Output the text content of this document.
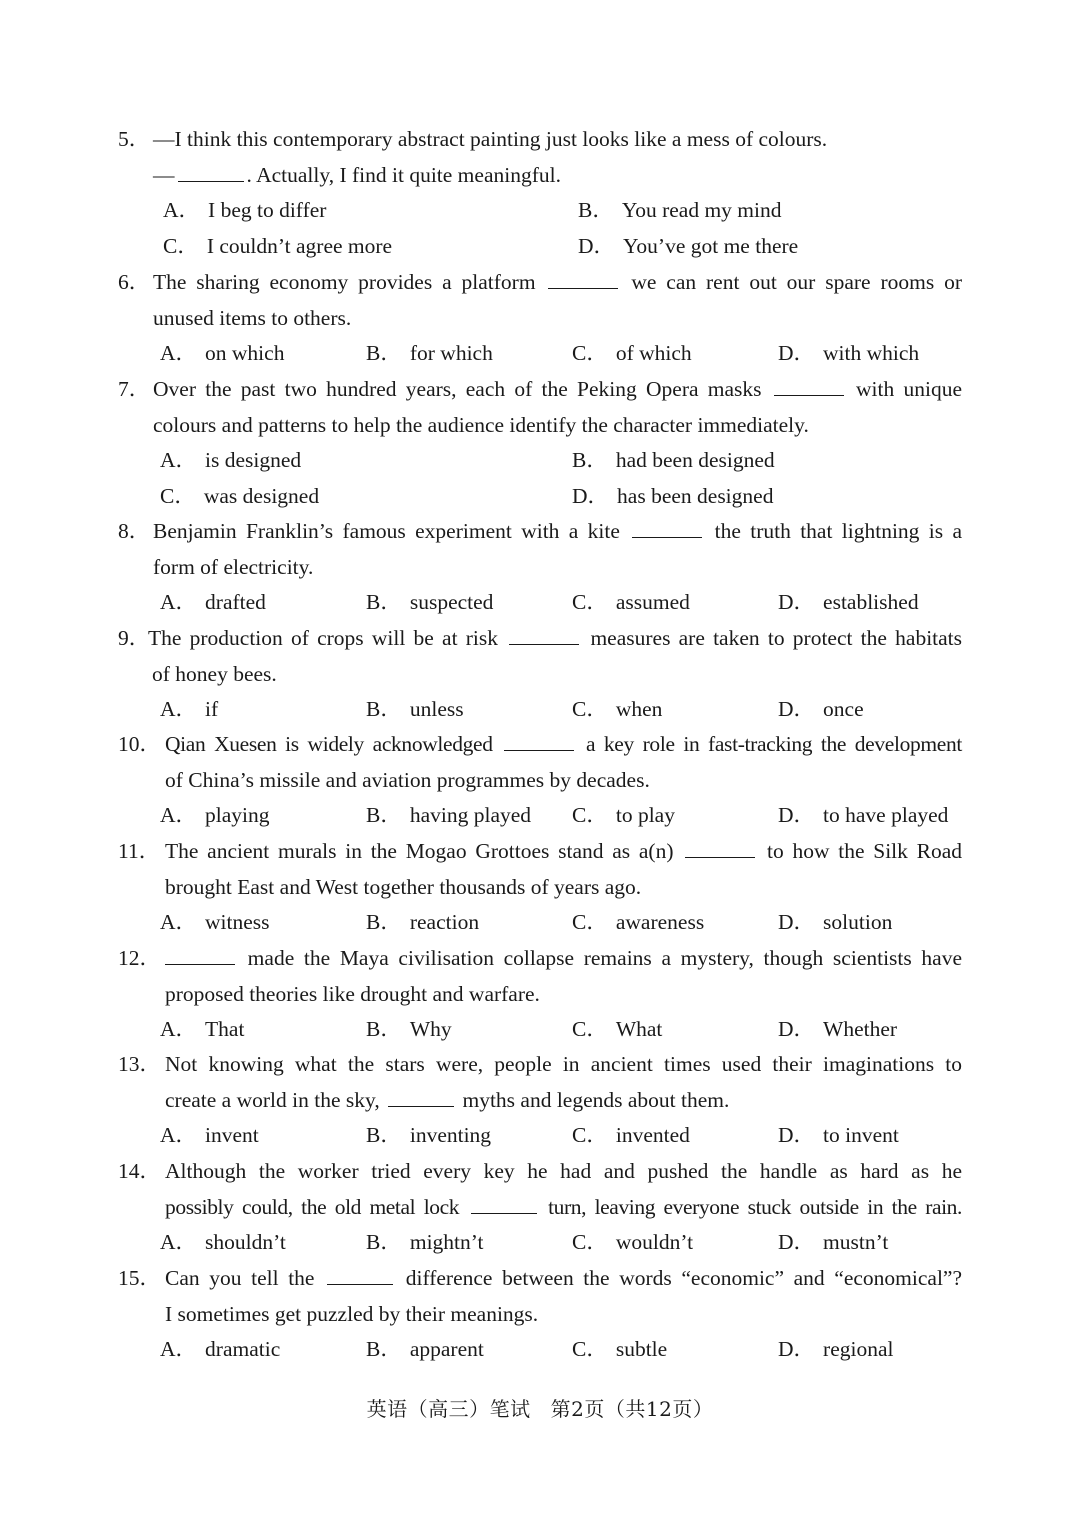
5． —I think this contemporary abstract painting just looks like a mess of colours.
—	. Actually, I find it quite meaningful.
A． I beg to differ	B． You read my mind
C． I couldn’t agree more	D． You’ve got me there
6． The sharing economy provides a platform	we can rent out our spare rooms or
unused items to others.
A． on which	B． for which	C． of which	D． with which
7． Over the past two hundred years, each of the Peking Opera masks	with unique
colours and patterns to help the audience identify the character immediately.
A． is designed	B． had been designed
C． was designed	D． has been designed
8． Benjamin Franklin’s famous experiment with a kite	the truth that lightning is a
form of electricity.
A． drafted	B． suspected	C． assumed	D． established
9．
The production of crops will be at risk	measures are taken to protect the habitats
of honey bees.
A． if	B． unless	C． when	D． once
10． Qian Xuesen is widely acknowledged	a key role in fast-tracking the development
of China’s missile and aviation programmes by decades.
A． playing	B． having played C． to play	D． to have played
11． The ancient murals in the Mogao Grottoes stand as a(n)	to how the Silk Road
brought East and West together thousands of years ago.
A． witness	B． reaction	C． awareness	D． solution
12．	made the Maya civilisation collapse remains a mystery, though scientists have
proposed theories like drought and warfare.
A． That	B． Why	C． What	D． Whether
13． Not knowing what the stars were, people in ancient times used their imaginations to
create a world in the sky,	myths and legends about them.
A． invent	B． inventing	C． invented	D． to invent
14． Although the worker tried every key he had and pushed the handle as hard as he
possibly could, the old metal lock	turn, leaving everyone stuck outside in the rain.
A． shouldn’t	B． mightn’t	C． wouldn’t	D． mustn’t
15． Can you tell the	difference between the words “economic” and “economical”?
I sometimes get puzzled by their meanings.
A． dramatic	B． apparent	C． subtle	D． regional
英语（高三）笔试 第2页（共12页）
